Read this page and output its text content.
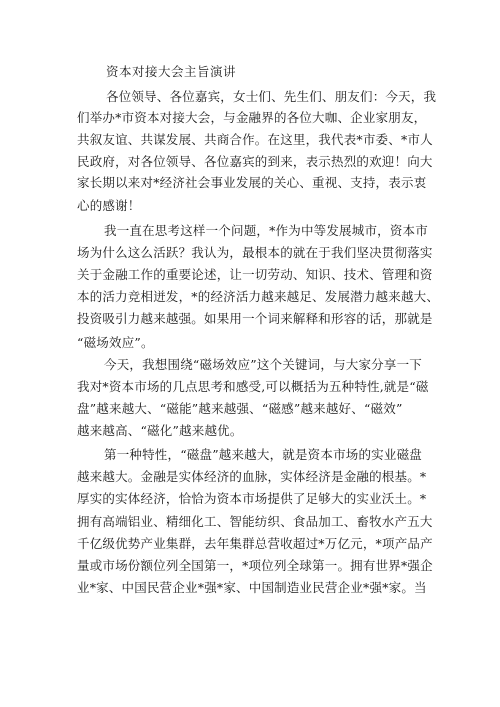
资本对接大会主旨演讲
各位领导、各位嘉宾，女士们、先生们、朋友们：今天，我
们举办*市资本对接大会，与金融界的各位大咖、企业家朋友，
共叙友谊、共谋发展、共商合作。在这里，我代表*市委、*市人
民政府，对各位领导、各位嘉宾的到来，表示热烈的欢迎！向大
家长期以来对*经济社会事业发展的关心、重视、支持，表示衷
心的感谢！
我一直在思考这样一个问题，*作为中等发展城市，资本市
场为什么这么活跃？我认为，最根本的就在于我们坚决贯彻落实
关于金融工作的重要论述，让一切劳动、知识、技术、管理和资
本的活力竞相迸发，*的经济活力越来越足、发展潜力越来越大、
投资吸引力越来越强。如果用一个词来解释和形容的话，那就是
“磁场效应”。
今天，我想围绕“磁场效应”这个关键词，与大家分享一下
我对*资本市场的几点思考和感受,可以概括为五种特性,就是“磁
盘”越来越大、“磁能”越来越强、“磁感”越来越好、“磁效”
越来越高、“磁化”越来越优。
第一种特性，“磁盘”越来越大，就是资本市场的实业磁盘
越来越大。金融是实体经济的血脉，实体经济是金融的根基。*
厚实的实体经济，恰恰为资本市场提供了足够大的实业沃土。*
拥有高端铝业、精细化工、智能纺织、食品加工、畜牧水产五大
千亿级优势产业集群，去年集群总营收超过*万亿元，*项产品产
量或市场份额位列全国第一，*项位列全球第一。拥有世界*强企
业*家、中国民营企业*强*家、中国制造业民营企业*强*家。当
